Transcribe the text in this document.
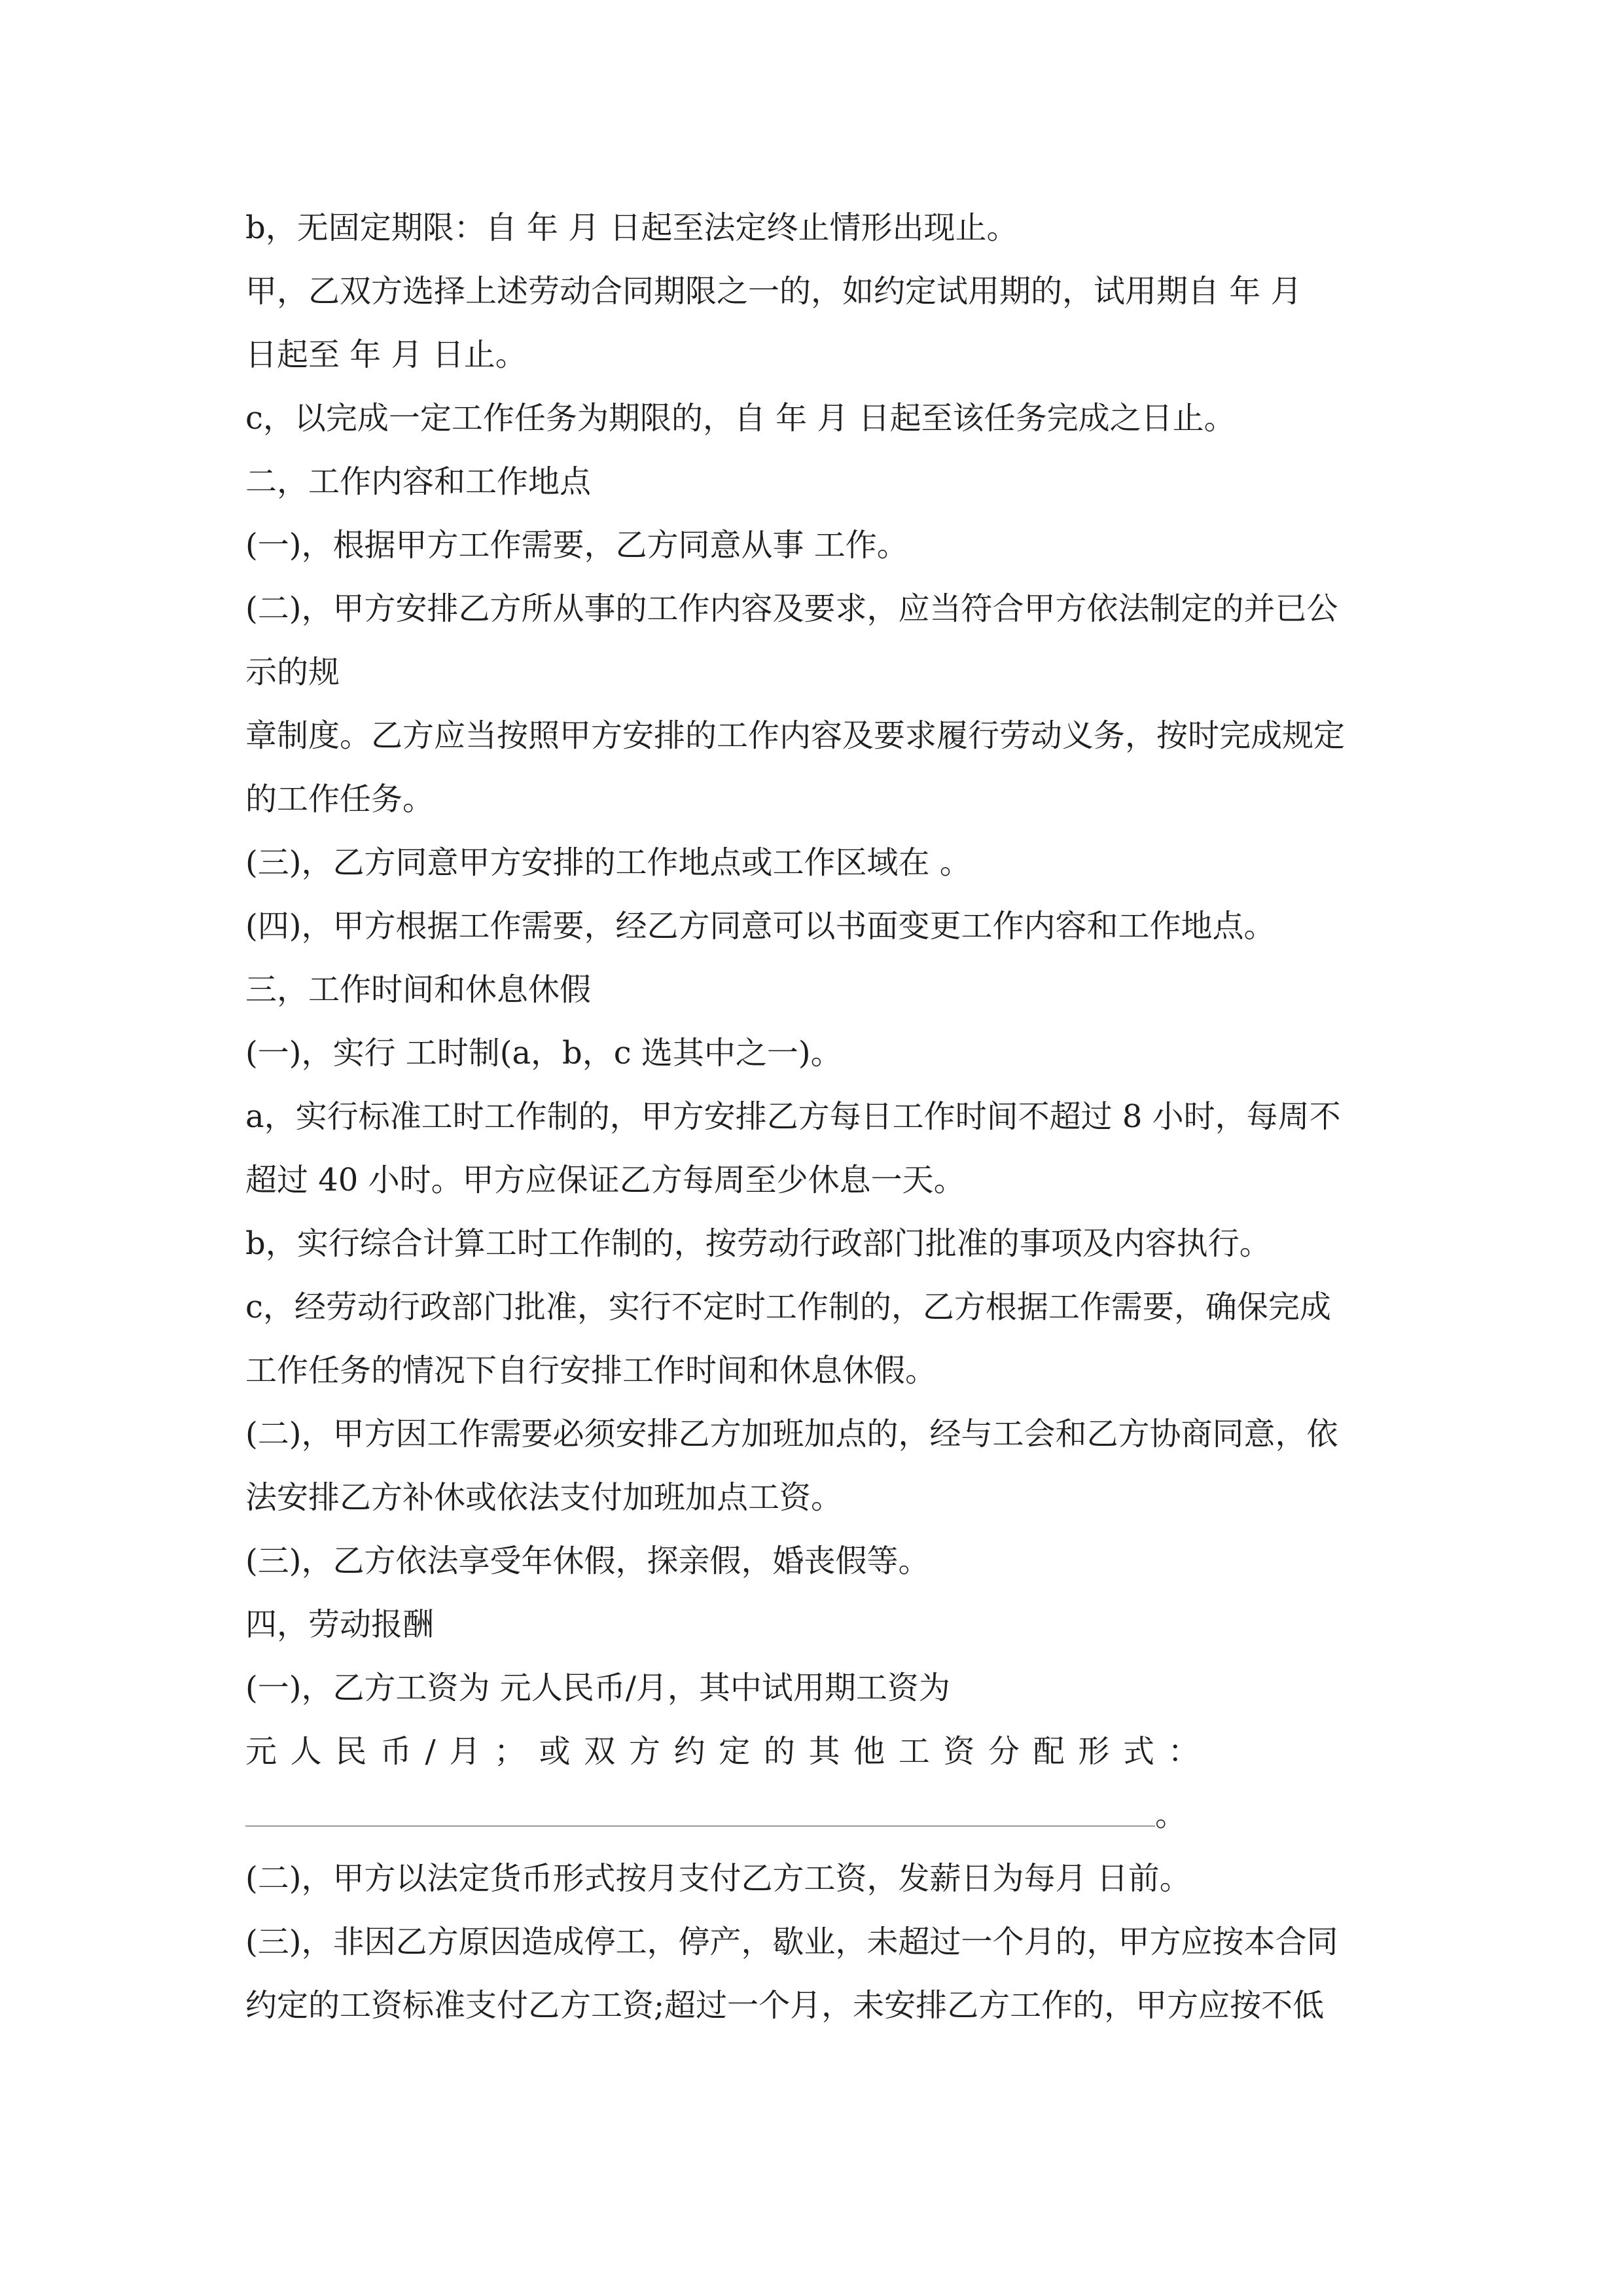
b，无固定期限：自 年 月 日起至法定终止情形出现止。
甲，乙双方选择上述劳动合同期限之一的，如约定试用期的，试用期自 年 月
日起至 年 月 日止。
c，以完成一定工作任务为期限的，自 年 月 日起至该任务完成之日止。
二，工作内容和工作地点
(一)，根据甲方工作需要，乙方同意从事 工作。
(二)，甲方安排乙方所从事的工作内容及要求，应当符合甲方依法制定的并已公
示的规
章制度。乙方应当按照甲方安排的工作内容及要求履行劳动义务，按时完成规定
的工作任务。
(三)，乙方同意甲方安排的工作地点或工作区域在 。
(四)，甲方根据工作需要，经乙方同意可以书面变更工作内容和工作地点。
三，工作时间和休息休假
(一)，实行 工时制(a，b，c 选其中之一)。
a，实行标准工时工作制的，甲方安排乙方每日工作时间不超过 8 小时，每周不
超过 40 小时。甲方应保证乙方每周至少休息一天。
b，实行综合计算工时工作制的，按劳动行政部门批准的事项及内容执行。
c，经劳动行政部门批准，实行不定时工作制的，乙方根据工作需要，确保完成
工作任务的情况下自行安排工作时间和休息休假。
(二)，甲方因工作需要必须安排乙方加班加点的，经与工会和乙方协商同意，依
法安排乙方补休或依法支付加班加点工资。
(三)，乙方依法享受年休假，探亲假，婚丧假等。
四，劳动报酬
(一)，乙方工资为 元人民币/月，其中试用期工资为
元人民币/月；或双方约定的其他工资分配形式：
。
(二)，甲方以法定货币形式按月支付乙方工资，发薪日为每月 日前。
(三)，非因乙方原因造成停工，停产，歇业，未超过一个月的，甲方应按本合同
约定的工资标准支付乙方工资;超过一个月，未安排乙方工作的，甲方应按不低
